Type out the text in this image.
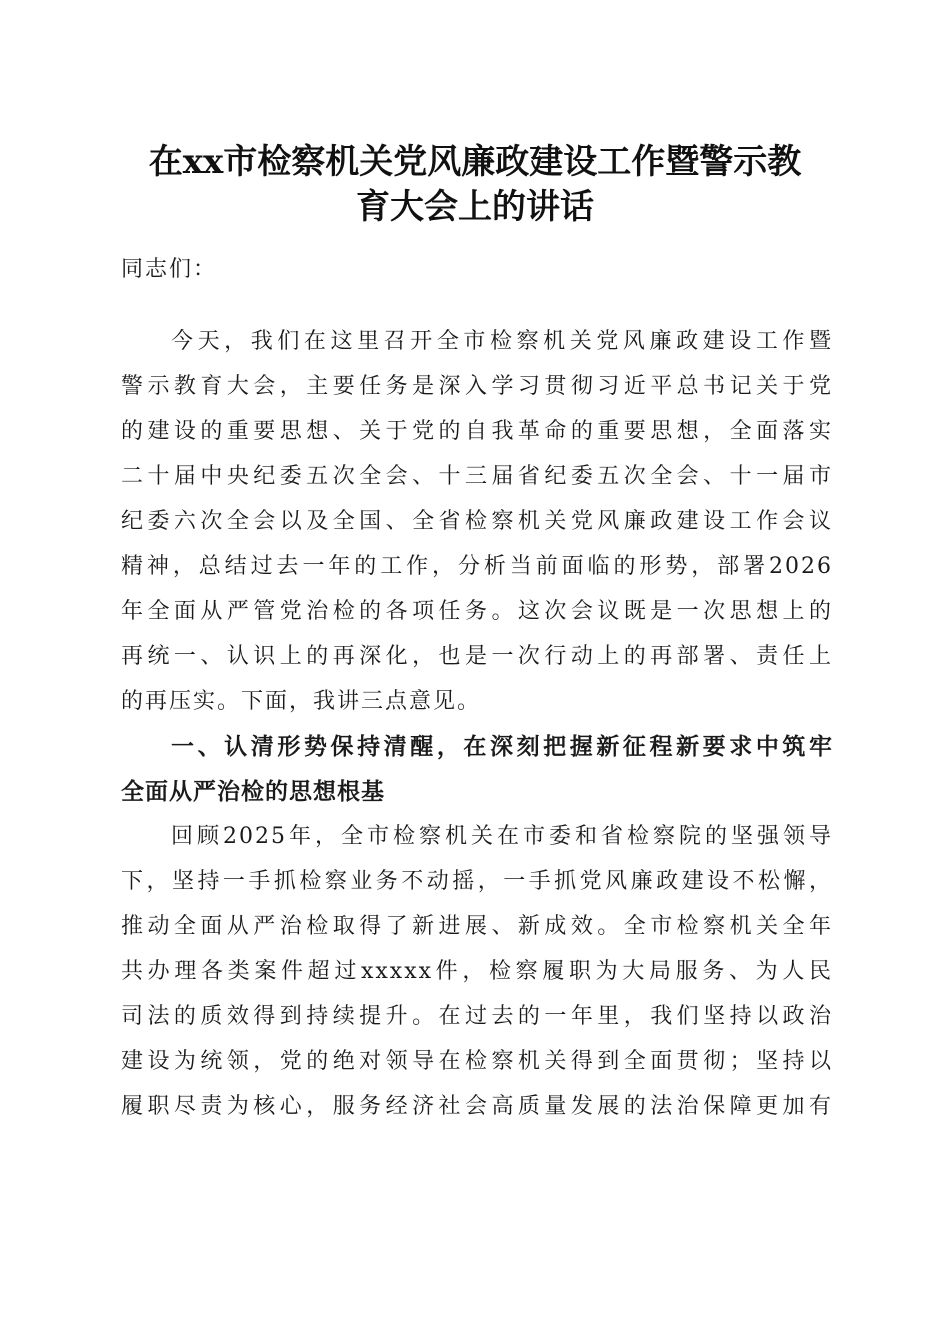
在xx市检察机关党风廉政建设工作暨警示教
育大会上的讲话

同志们：

今天，我们在这里召开全市检察机关党风廉政建设工作暨

警示教育大会，主要任务是深入学习贯彻习近平总书记关于党

的建设的重要思想、关于党的自我革命的重要思想，全面落实

二十届中央纪委五次全会、十三届省纪委五次全会、十一届市

纪委六次全会以及全国、全省检察机关党风廉政建设工作会议

精神，总结过去一年的工作，分析当前面临的形势，部署2026

年全面从严管党治检的各项任务。这次会议既是一次思想上的

再统一、认识上的再深化，也是一次行动上的再部署、责任上

的再压实。下面，我讲三点意见。

一、认清形势保持清醒，在深刻把握新征程新要求中筑牢

全面从严治检的思想根基

回顾2025年，全市检察机关在市委和省检察院的坚强领导

下，坚持一手抓检察业务不动摇，一手抓党风廉政建设不松懈，

推动全面从严治检取得了新进展、新成效。全市检察机关全年

共办理各类案件超过xxxxx件，检察履职为大局服务、为人民

司法的质效得到持续提升。在过去的一年里，我们坚持以政治

建设为统领，党的绝对领导在检察机关得到全面贯彻；坚持以

履职尽责为核心，服务经济社会高质量发展的法治保障更加有
